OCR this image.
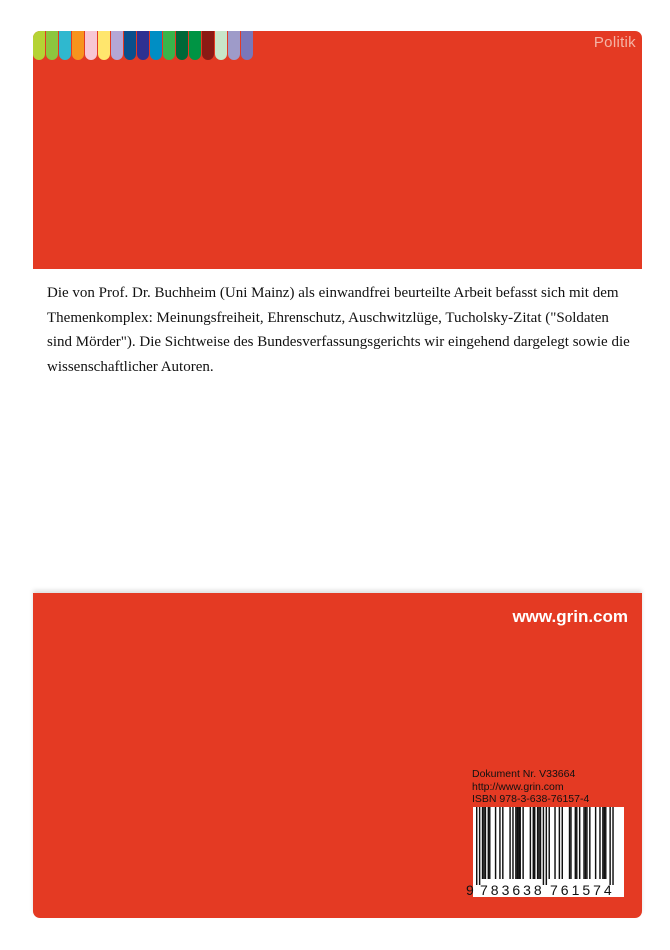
Politik

Die von Prof. Dr. Buchheim (Uni Mainz) als einwandfrei beurteilte Arbeit befasst sich mit dem Themenkomplex: Meinungsfreiheit, Ehrenschutz, Auschwitzlüge, Tucholsky-Zitat ("Soldaten sind Mörder"). Die Sichtweise des Bundesverfassungsgerichts wir eingehend dargelegt sowie die wissenschaftlicher Autoren.

www.grin.com
Dokument Nr. V33664
http://www.grin.com
ISBN 978-3-638-76157-4
9 783638 761574
